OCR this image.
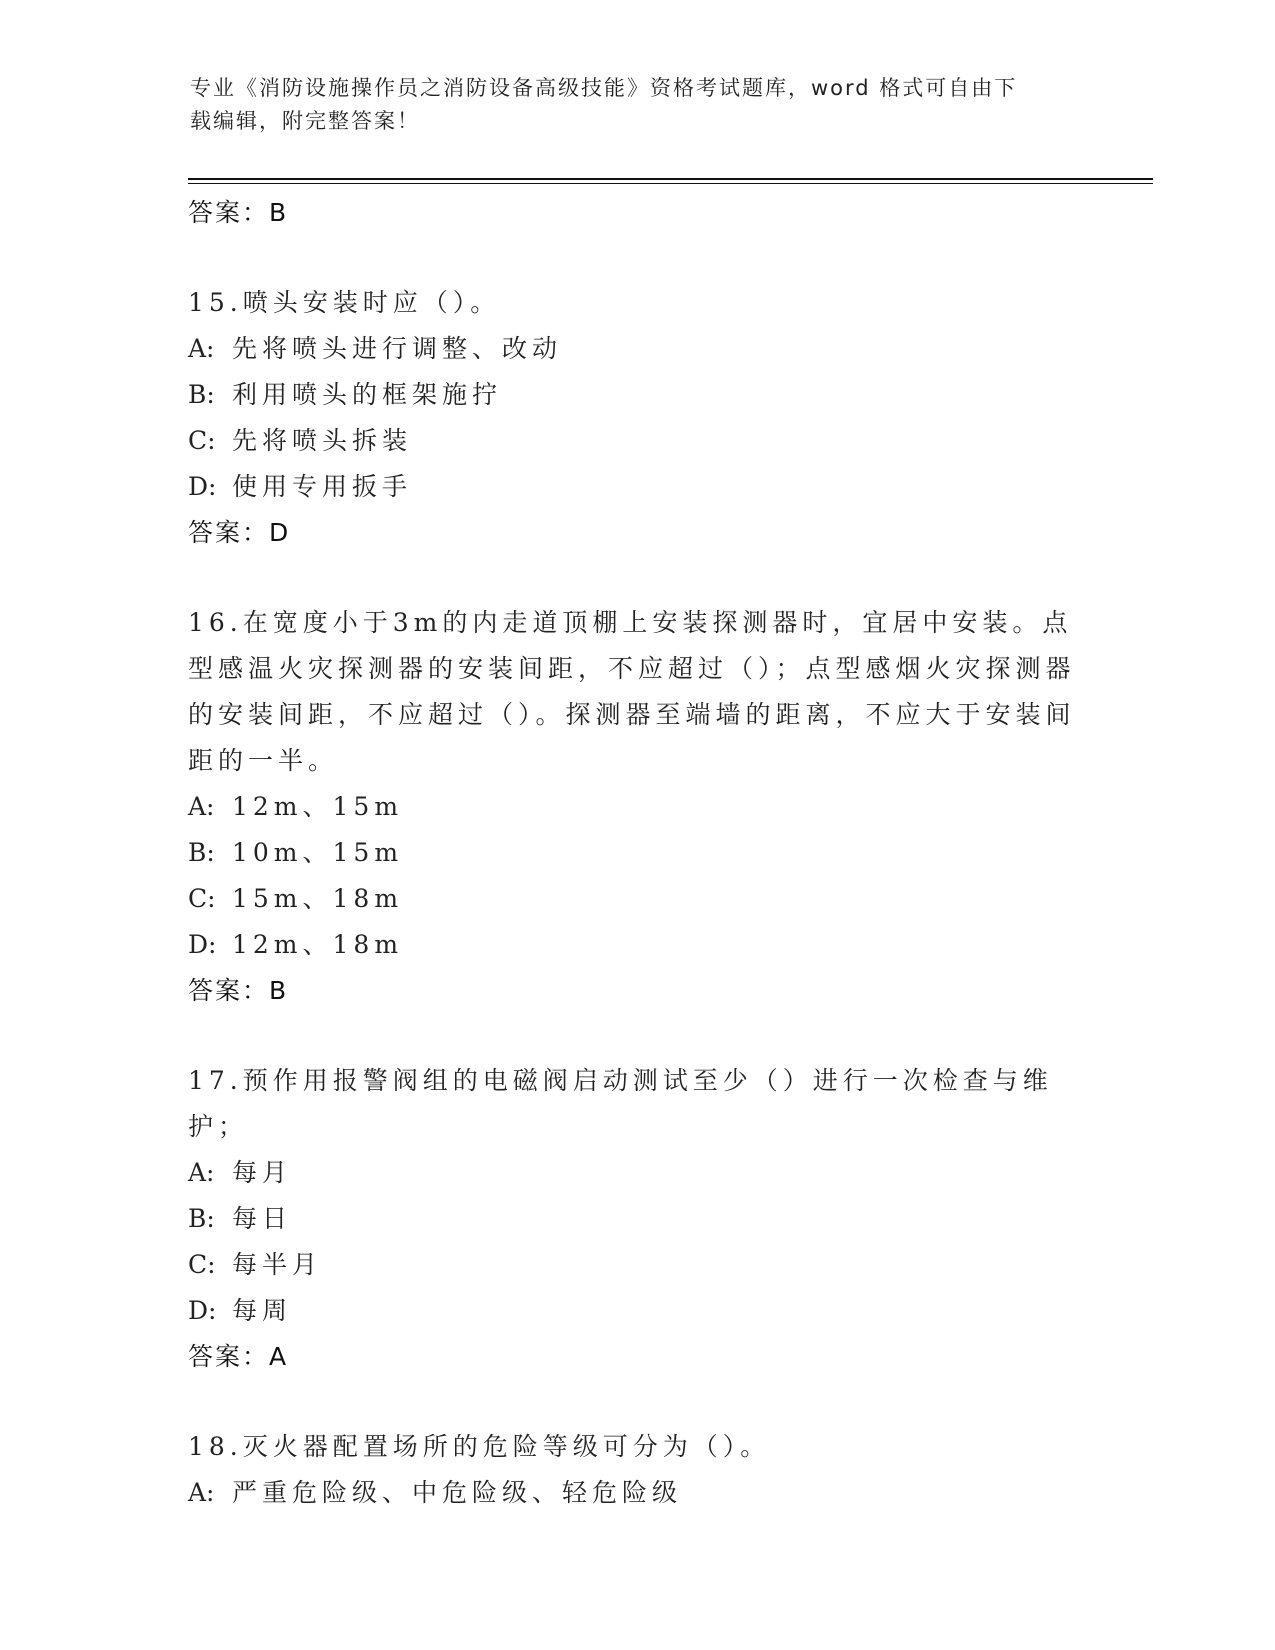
专业《消防设施操作员之消防设备高级技能》资格考试题库，word 格式可自由下
载编辑，附完整答案！
答案：B
15.喷头安装时应（）。
A: 先将喷头进行调整、改动
B: 利用喷头的框架施拧
C: 先将喷头拆装
D: 使用专用扳手
答案：D
16.在宽度小于3m的内走道顶棚上安装探测器时，宜居中安装。点型感温火灾探测器的安装间距，不应超过（）；点型感烟火灾探测器的安装间距，不应超过（）。探测器至端墙的距离，不应大于安装间距的一半。
A: 12m、15m
B: 10m、15m
C: 15m、18m
D: 12m、18m
答案：B
17.预作用报警阀组的电磁阀启动测试至少（）进行一次检查与维护；
A: 每月
B: 每日
C: 每半月
D: 每周
答案：A
18.灭火器配置场所的危险等级可分为（）。
A: 严重危险级、中危险级、轻危险级
